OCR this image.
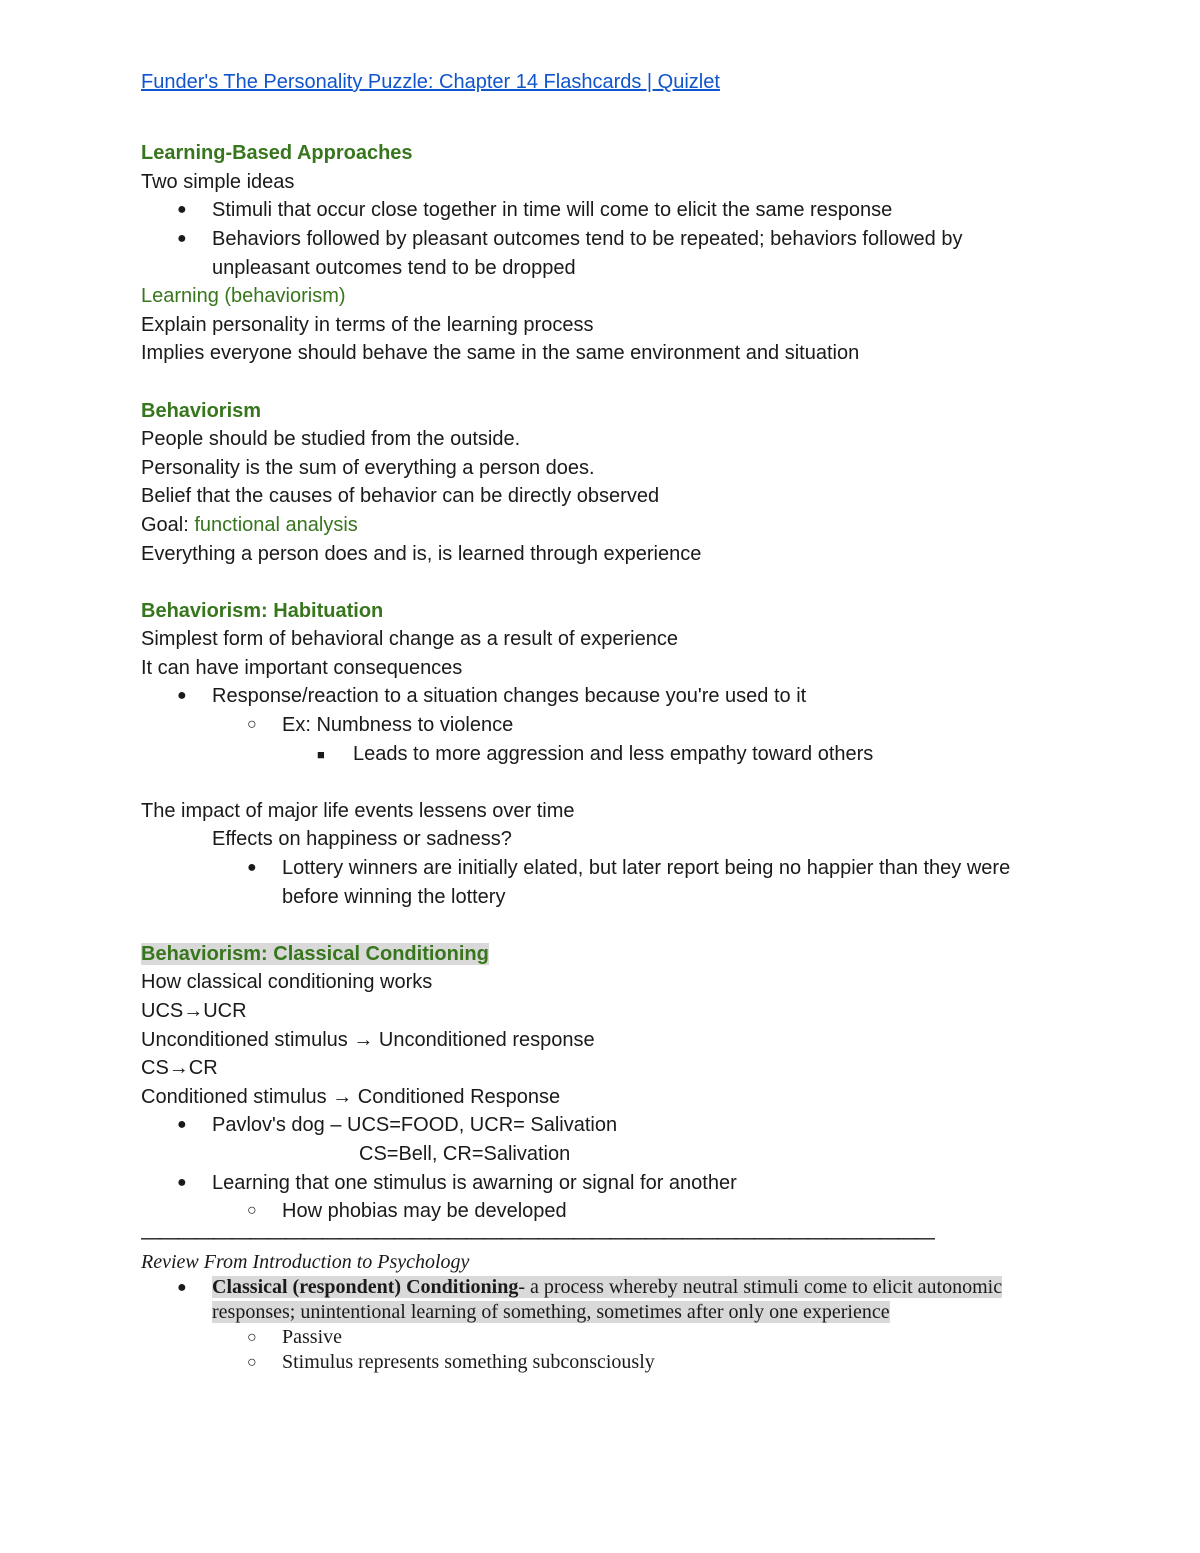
Funder's The Personality Puzzle: Chapter 14 Flashcards | Quizlet
Learning-Based Approaches
Two simple ideas
● Stimuli that occur close together in time will come to elicit the same response
● Behaviors followed by pleasant outcomes tend to be repeated; behaviors followed by unpleasant outcomes tend to be dropped
Learning (behaviorism)
Explain personality in terms of the learning process
Implies everyone should behave the same in the same environment and situation
Behaviorism
People should be studied from the outside.
Personality is the sum of everything a person does.
Belief that the causes of behavior can be directly observed
Goal: functional analysis
Everything a person does and is, is learned through experience
Behaviorism: Habituation
Simplest form of behavioral change as a result of experience
It can have important consequences
● Response/reaction to a situation changes because you're used to it
○ Ex: Numbness to violence
■ Leads to more aggression and less empathy toward others
The impact of major life events lessens over time
Effects on happiness or sadness?
● Lottery winners are initially elated, but later report being no happier than they were before winning the lottery
Behaviorism: Classical Conditioning
How classical conditioning works
UCS→UCR
Unconditioned stimulus → Unconditioned response
CS→CR
Conditioned stimulus → Conditioned Response
● Pavlov's dog – UCS=FOOD, UCR= Salivation
CS=Bell, CR=Salivation
● Learning that one stimulus is awarning or signal for another
○ How phobias may be developed
————————————————————————————————————————————
Review From Introduction to Psychology
● Classical (respondent) Conditioning- a process whereby neutral stimuli come to elicit autonomic responses; unintentional learning of something, sometimes after only one experience
○ Passive
○ Stimulus represents something subconsciously
